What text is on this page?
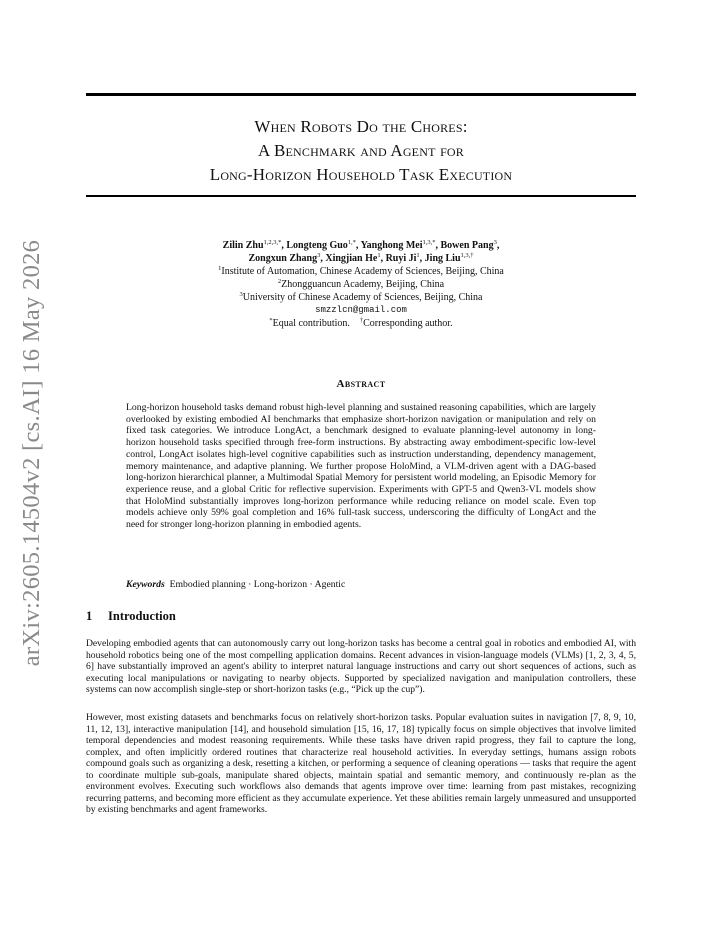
arXiv:2605.14504v2 [cs.AI] 16 May 2026
When Robots Do the Chores:
A Benchmark and Agent for
Long-Horizon Household Task Execution
Zilin Zhu$^{1,2,3,*}$, Longteng Guo$^{1,*}$, Yanghong Mei$^{1,3,*}$, Bowen Pang$^3$,
Zongxun Zhang$^3$, Xingjian He$^1$, Ruyi Ji$^1$, Jing Liu$^{1,3,\dagger}$
$^1$Institute of Automation, Chinese Academy of Sciences, Beijing, China
$^2$Zhongguancun Academy, Beijing, China
$^3$University of Chinese Academy of Sciences, Beijing, China
smzzlcn@gmail.com
*Equal contribution. †Corresponding author.
Abstract
Long-horizon household tasks demand robust high-level planning and sustained reasoning capabilities, which are largely overlooked by existing embodied AI benchmarks that emphasize short-horizon navigation or manipulation and rely on fixed task categories. We introduce LongAct, a benchmark designed to evaluate planning-level autonomy in long-horizon household tasks specified through free-form instructions. By abstracting away embodiment-specific low-level control, LongAct isolates high-level cognitive capabilities such as instruction understanding, dependency management, memory maintenance, and adaptive planning. We further propose HoloMind, a VLM-driven agent with a DAG-based long-horizon hierarchical planner, a Multimodal Spatial Memory for persistent world modeling, an Episodic Memory for experience reuse, and a global Critic for reflective supervision. Experiments with GPT-5 and Qwen3-VL models show that HoloMind substantially improves long-horizon performance while reducing reliance on model scale. Even top models achieve only 59% goal completion and 16% full-task success, underscoring the difficulty of LongAct and the need for stronger long-horizon planning in embodied agents.
Keywords Embodied planning · Long-horizon · Agentic
1 Introduction
Developing embodied agents that can autonomously carry out long-horizon tasks has become a central goal in robotics and embodied AI, with household robotics being one of the most compelling application domains. Recent advances in vision-language models (VLMs) [1, 2, 3, 4, 5, 6] have substantially improved an agent's ability to interpret natural language instructions and carry out short sequences of actions, such as executing local manipulations or navigating to nearby objects. Supported by specialized navigation and manipulation controllers, these systems can now accomplish single-step or short-horizon tasks (e.g., “Pick up the cup”).
However, most existing datasets and benchmarks focus on relatively short-horizon tasks. Popular evaluation suites in navigation [7, 8, 9, 10, 11, 12, 13], interactive manipulation [14], and household simulation [15, 16, 17, 18] typically focus on simple objectives that involve limited temporal dependencies and modest reasoning requirements. While these tasks have driven rapid progress, they fail to capture the long, complex, and often implicitly ordered routines that characterize real household activities. In everyday settings, humans assign robots compound goals such as organizing a desk, resetting a kitchen, or performing a sequence of cleaning operations — tasks that require the agent to coordinate multiple sub-goals, manipulate shared objects, maintain spatial and semantic memory, and continuously re-plan as the environment evolves. Executing such workflows also demands that agents improve over time: learning from past mistakes, recognizing recurring patterns, and becoming more efficient as they accumulate experience. Yet these abilities remain largely unmeasured and unsupported by existing benchmarks and agent frameworks.
